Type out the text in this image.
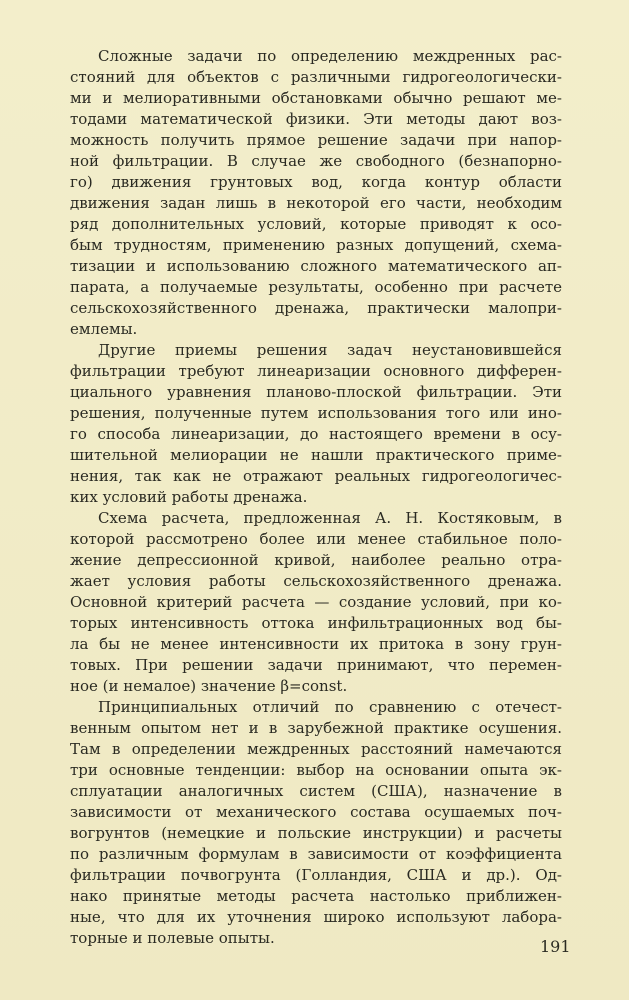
Сложные задачи по определению междренных рас-
стояний для объектов с различными гидрогеологически-
ми и мелиоративными обстановками обычно решают ме-
тодами математической физики. Эти методы дают воз-
можность получить прямое решение задачи при напор-
ной фильтрации. В случае же свободного (безнапорно-
го) движения грунтовых вод, когда контур области
движения задан лишь в некоторой его части, необходим
ряд дополнительных условий, которые приводят к осо-
бым трудностям, применению разных допущений, схема-
тизации и использованию сложного математического ап-
парата, а получаемые результаты, особенно при расчете
сельскохозяйственного дренажа, практически малопри-
емлемы.
Другие приемы решения задач неустановившейся
фильтрации требуют линеаризации основного дифферен-
циального уравнения планово-плоской фильтрации. Эти
решения, полученные путем использования того или ино-
го способа линеаризации, до настоящего времени в осу-
шительной мелиорации не нашли практического приме-
нения, так как не отражают реальных гидрогеологичес-
ких условий работы дренажа.
Схема расчета, предложенная А. Н. Костяковым, в
которой рассмотрено более или менее стабильное поло-
жение депрессионной кривой, наиболее реально отра-
жает условия работы сельскохозяйственного дренажа.
Основной критерий расчета — создание условий, при ко-
торых интенсивность оттока инфильтрационных вод бы-
ла бы не менее интенсивности их притока в зону грун-
товых. При решении задачи принимают, что перемен-
ное (и немалое) значение β=const.
Принципиальных отличий по сравнению с отечест-
венным опытом нет и в зарубежной практике осушения.
Там в определении междренных расстояний намечаются
три основные тенденции: выбор на основании опыта эк-
сплуатации аналогичных систем (США), назначение в
зависимости от механического состава осушаемых поч-
вогрунтов (немецкие и польские инструкции) и расчеты
по различным формулам в зависимости от коэффициента
фильтрации почвогрунта (Голландия, США и др.). Од-
нако принятые методы расчета настолько приближен-
ные, что для их уточнения широко используют лабора-
торные и полевые опыты.	191
